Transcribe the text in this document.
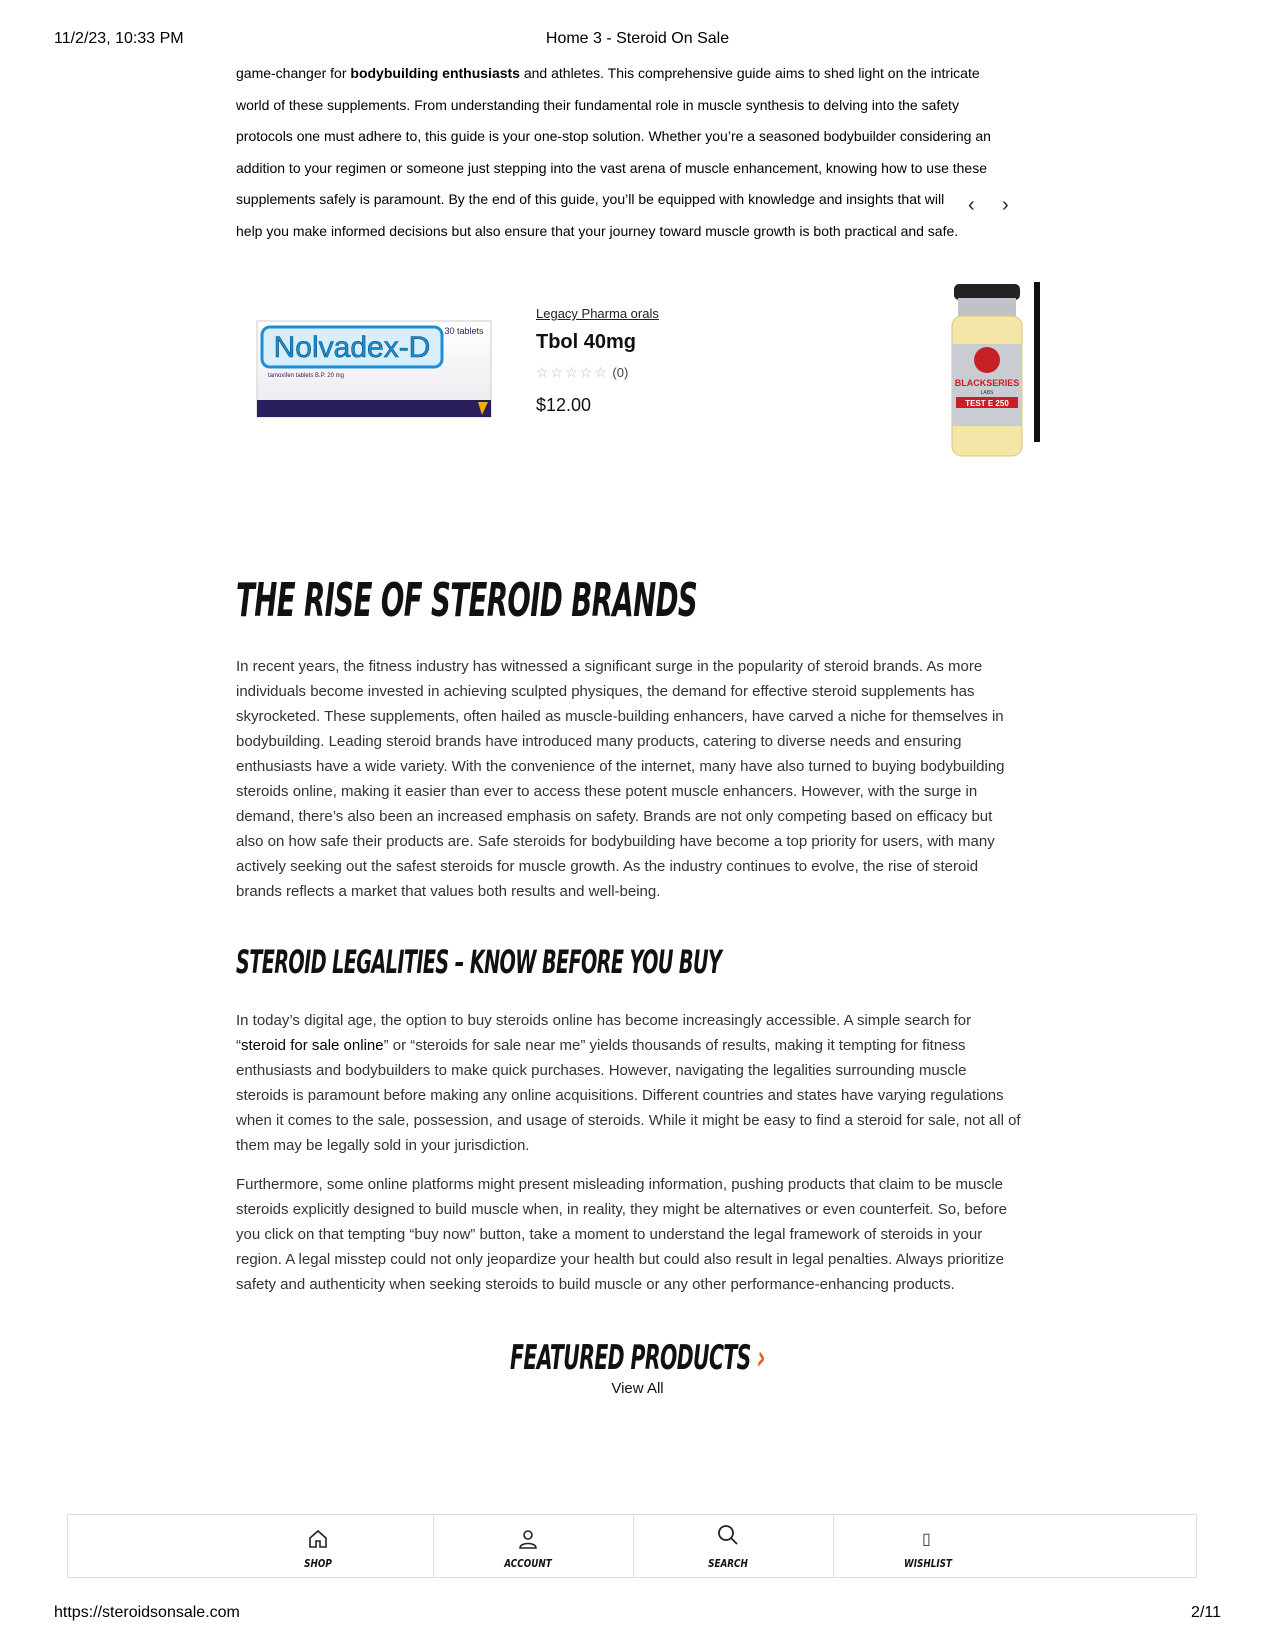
11/2/23, 10:33 PM	Home 3 - Steroid On Sale
game-changer for bodybuilding enthusiasts and athletes. This comprehensive guide aims to shed light on the intricate
world of these supplements. From understanding their fundamental role in muscle synthesis to delving into the safety
protocols one must adhere to, this guide is your one-stop solution. Whether you’re a seasoned bodybuilder considering an
addition to your regimen or someone just stepping into the vast arena of muscle enhancement, knowing how to use these
supplements safely is paramount. By the end of this guide, you’ll be equipped with knowledge and insights that will
help you make informed decisions but also ensure that your journey toward muscle growth is both practical and safe.
‹ ›
Nolvadex-D 30 tablets
tamoxifen tablets B.P. 20 mg
Legacy Pharma orals
Tbol 40mg
☆☆☆☆☆ (0)
$12.00
BLACKSERIES
LABS
TEST E 250
THE RISE OF STEROID BRANDS
In recent years, the fitness industry has witnessed a significant surge in the popularity of steroid brands. As more
individuals become invested in achieving sculpted physiques, the demand for effective steroid supplements has
skyrocketed. These supplements, often hailed as muscle-building enhancers, have carved a niche for themselves in
bodybuilding. Leading steroid brands have introduced many products, catering to diverse needs and ensuring
enthusiasts have a wide variety. With the convenience of the internet, many have also turned to buying bodybuilding
steroids online, making it easier than ever to access these potent muscle enhancers. However, with the surge in
demand, there’s also been an increased emphasis on safety. Brands are not only competing based on efficacy but
also on how safe their products are. Safe steroids for bodybuilding have become a top priority for users, with many
actively seeking out the safest steroids for muscle growth. As the industry continues to evolve, the rise of steroid
brands reflects a market that values both results and well-being.
STEROID LEGALITIES – KNOW BEFORE YOU BUY
In today’s digital age, the option to buy steroids online has become increasingly accessible. A simple search for
“steroid for sale online” or “steroids for sale near me” yields thousands of results, making it tempting for fitness
enthusiasts and bodybuilders to make quick purchases. However, navigating the legalities surrounding muscle
steroids is paramount before making any online acquisitions. Different countries and states have varying regulations
when it comes to the sale, possession, and usage of steroids. While it might be easy to find a steroid for sale, not all of
them may be legally sold in your jurisdiction.
Furthermore, some online platforms might present misleading information, pushing products that claim to be muscle
steroids explicitly designed to build muscle when, in reality, they might be alternatives or even counterfeit. So, before
you click on that tempting “buy now” button, take a moment to understand the legal framework of steroids in your
region. A legal misstep could not only jeopardize your health but could also result in legal penalties. Always prioritize
safety and authenticity when seeking steroids to build muscle or any other performance-enhancing products.
FEATURED PRODUCTS ›
View All
SHOP	ACCOUNT	SEARCH
▯
WISHLIST
https://steroidsonsale.com	2/11
